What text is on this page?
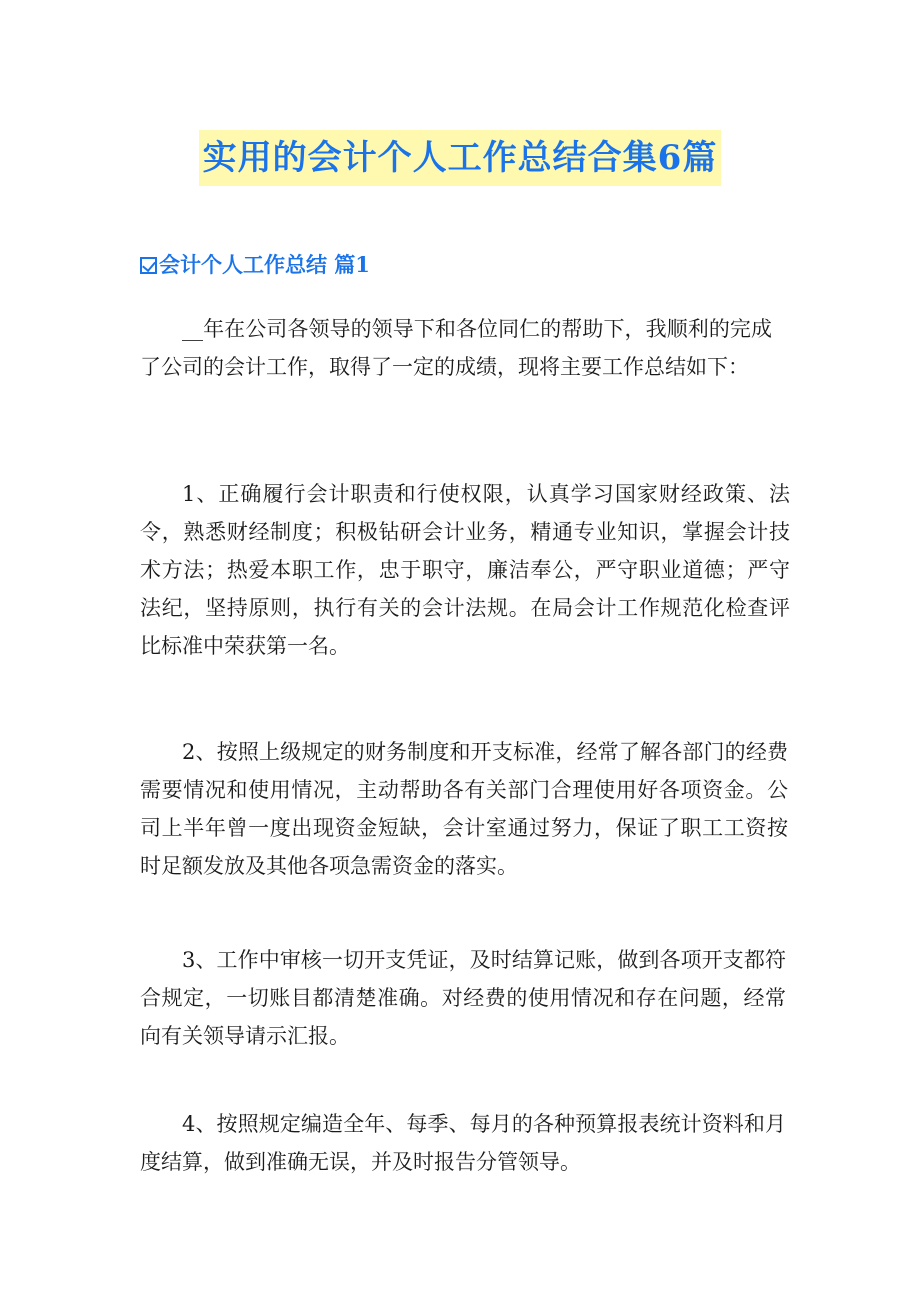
实用的会计个人工作总结合集6篇
会计个人工作总结 篇1

__年在公司各领导的领导下和各位同仁的帮助下，我顺利的完成了公司的会计工作，取得了一定的成绩，现将主要工作总结如下：

1、正确履行会计职责和行使权限，认真学习国家财经政策、法令，熟悉财经制度；积极钻研会计业务，精通专业知识，掌握会计技术方法；热爱本职工作，忠于职守，廉洁奉公，严守职业道德；严守法纪，坚持原则，执行有关的会计法规。在局会计工作规范化检查评比标准中荣获第一名。

2、按照上级规定的财务制度和开支标准，经常了解各部门的经费需要情况和使用情况，主动帮助各有关部门合理使用好各项资金。公司上半年曾一度出现资金短缺，会计室通过努力，保证了职工工资按时足额发放及其他各项急需资金的落实。

3、工作中审核一切开支凭证，及时结算记账，做到各项开支都符合规定，一切账目都清楚准确。对经费的使用情况和存在问题，经常向有关领导请示汇报。

4、按照规定编造全年、每季、每月的各种预算报表统计资料和月度结算，做到准确无误，并及时报告分管领导。
